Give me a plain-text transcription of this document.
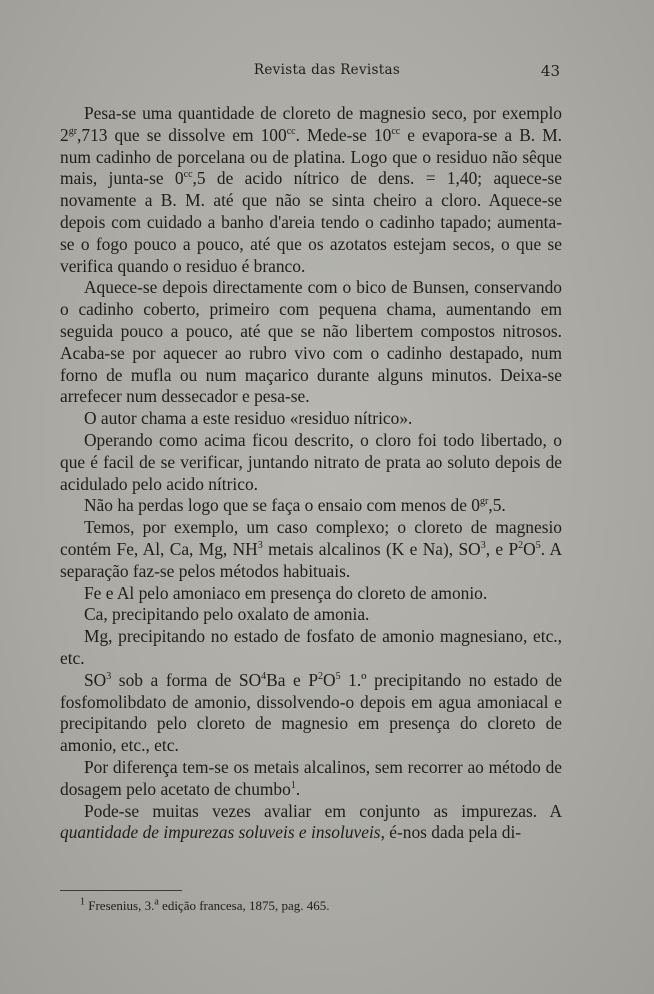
Revista das Revistas	43

Pesa-se uma quantidade de cloreto de magnesio seco, por exemplo $2^{gr},713$ que se dissolve em $100^{cc}$. Mede-se $10^{cc}$ e evapora-se a B. M. num cadinho de porcelana ou de platina. Logo que o residuo não sêque mais, junta-se $0^{cc},5$ de acido nítrico de dens. = 1,40; aquece-se novamente a B. M. até que não se sinta cheiro a cloro. Aquece-se depois com cuidado a banho d'areia tendo o cadinho tapado; aumenta-se o fogo pouco a pouco, até que os azotatos estejam secos, o que se verifica quando o residuo é branco.

Aquece-se depois directamente com o bico de Bunsen, conservando o cadinho coberto, primeiro com pequena chama, aumentando em seguida pouco a pouco, até que se não libertem compostos nitrosos. Acaba-se por aquecer ao rubro vivo com o cadinho destapado, num forno de mufla ou num maçarico durante alguns minutos. Deixa-se arrefecer num dessecador e pesa-se.

O autor chama a este residuo «residuo nítrico».

Operando como acima ficou descrito, o cloro foi todo libertado, o que é facil de se verificar, juntando nitrato de prata ao soluto depois de acidulado pelo acido nítrico.

Não ha perdas logo que se faça o ensaio com menos de $0^{gr},5$.

Temos, por exemplo, um caso complexo; o cloreto de magnesio contém Fe, Al, Ca, Mg, $NH^3$ metais alcalinos (K e Na), $SO^3$, e $P^2O^5$. A separação faz-se pelos métodos habituais.

Fe e Al pelo amoniaco em presença do cloreto de amonio.

Ca, precipitando pelo oxalato de amonia.

Mg, precipitando no estado de fosfato de amonio magnesiano, etc., etc.

$SO^3$ sob a forma de $SO^4Ba$ e $P^2O^5$ 1.º precipitando no estado de fosfomolibdato de amonio, dissolvendo-o depois em agua amoniacal e precipitando pelo cloreto de magnesio em presença do cloreto de amonio, etc., etc.

Por diferença tem-se os metais alcalinos, sem recorrer ao método de dosagem pelo acetato de chumbo$^1$.

Pode-se muitas vezes avaliar em conjunto as impurezas. A quantidade de impurezas soluveis e insoluveis, é-nos dada pela di-

$^1$ Fresenius, 3.$^a$ edição francesa, 1875, pag. 465.
